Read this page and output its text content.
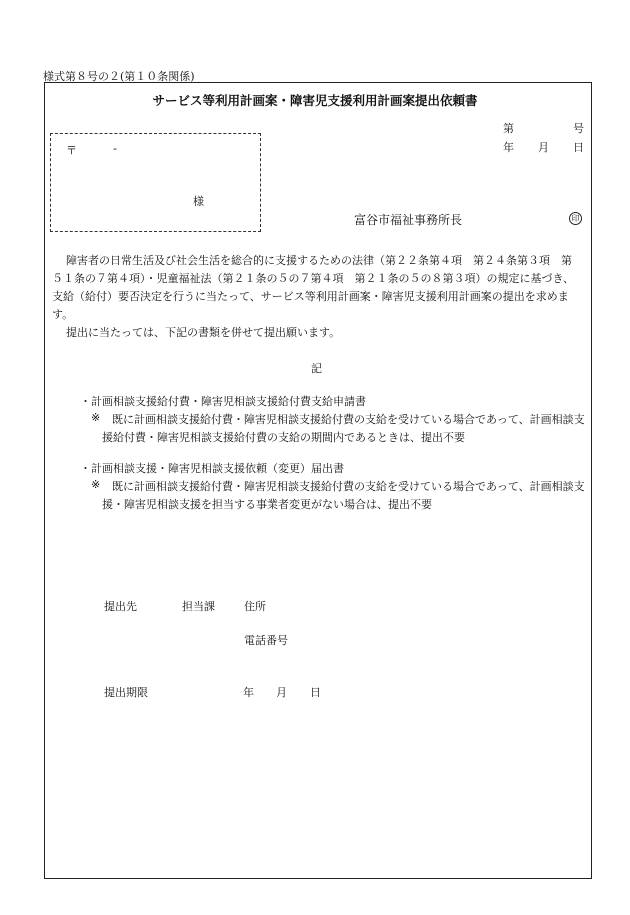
様式第８号の２(第１０条関係)
サービス等利用計画案・障害児支援利用計画案提出依頼書
第	号
年 月 日
〒	-
様
富谷市福祉事務所長	印
障害者の日常生活及び社会生活を総合的に支援するための法律（第２２条第４項　第２４条第３項　第
５１条の７第４項）・児童福祉法（第２１条の５の７第４項　第２１条の５の８第３項）の規定に基づき、
支給（給付）要否決定を行うに当たって、サービス等利用計画案・障害児支援利用計画案の提出を求めま
す。
提出に当たっては、下記の書類を併せて提出願います。
記
・計画相談支援給付費・障害児相談支援給付費支給申請書
※ 既に計画相談支援給付費・障害児相談支援給付費の支給を受けている場合であって、計画相談支
援給付費・障害児相談支援給付費の支給の期間内であるときは、提出不要
・計画相談支援・障害児相談支援依頼（変更）届出書
※ 既に計画相談支援給付費・障害児相談支援給付費の支給を受けている場合であって、計画相談支
援・障害児相談支援を担当する事業者変更がない場合は、提出不要
提出先	担当課	住所
電話番号
提出期限	年 月 日
